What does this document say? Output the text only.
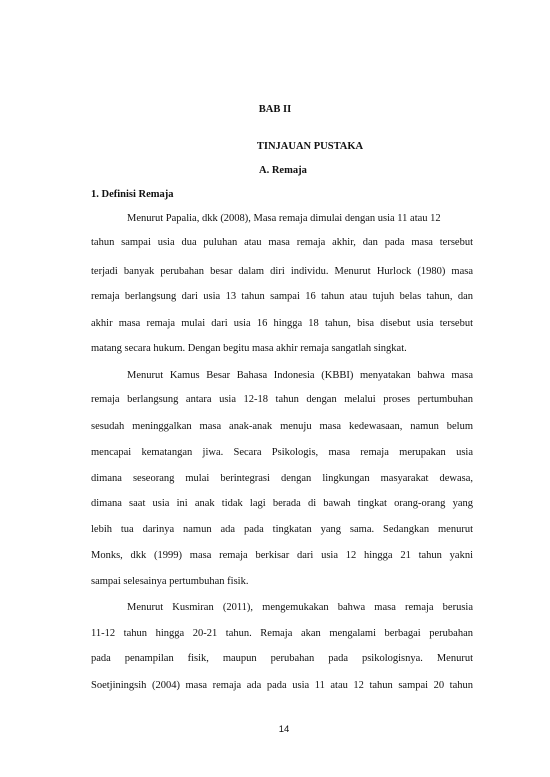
BAB II
TINJAUAN PUSTAKA
A. Remaja
1. Definisi Remaja
Menurut Papalia, dkk (2008), Masa remaja dimulai dengan usia 11 atau 12
tahun sampai usia dua puluhan atau masa remaja akhir, dan pada masa tersebut
terjadi banyak perubahan besar dalam diri individu. Menurut Hurlock (1980) masa
remaja berlangsung dari usia 13 tahun sampai 16 tahun atau tujuh belas tahun, dan
akhir masa remaja mulai dari usia 16 hingga 18 tahun, bisa disebut usia tersebut
matang secara hukum. Dengan begitu masa akhir remaja sangatlah singkat.
Menurut Kamus Besar Bahasa Indonesia (KBBI) menyatakan bahwa masa
remaja berlangsung antara usia 12-18 tahun dengan melalui proses pertumbuhan
sesudah meninggalkan masa anak-anak menuju masa kedewasaan, namun belum
mencapai kematangan jiwa. Secara Psikologis, masa remaja merupakan usia
dimana seseorang mulai berintegrasi dengan lingkungan masyarakat dewasa,
dimana saat usia ini anak tidak lagi berada di bawah tingkat orang-orang yang
lebih tua darinya namun ada pada tingkatan yang sama. Sedangkan menurut
Monks, dkk (1999) masa remaja berkisar dari usia 12 hingga 21 tahun yakni
sampai selesainya pertumbuhan fisik.
Menurut Kusmiran (2011), mengemukakan bahwa masa remaja berusia
11-12 tahun hingga 20-21 tahun. Remaja akan mengalami berbagai perubahan
pada penampilan fisik, maupun perubahan pada psikologisnya. Menurut
Soetjiningsih (2004) masa remaja ada pada usia 11 atau 12 tahun sampai 20 tahun
14
